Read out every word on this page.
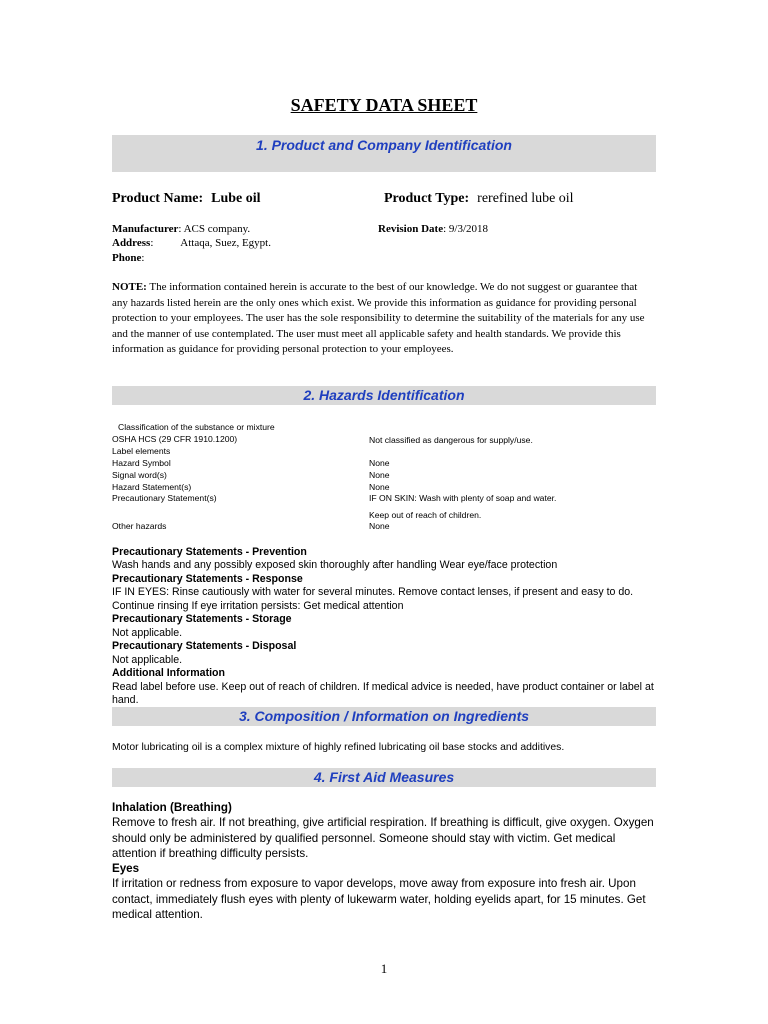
SAFETY DATA SHEET
1. Product and Company Identification
Product Name: Lube oil	Product Type: rerefined lube oil
Manufacturer: ACS company.	Revision Date: 9/3/2018
Address:          Attaqa, Suez, Egypt.
Phone:
NOTE: The information contained herein is accurate to the best of our knowledge. We do not suggest or guarantee that any hazards listed herein are the only ones which exist. We provide this information as guidance for providing personal protection to your employees. The user has the sole responsibility to determine the suitability of the materials for any use and the manner of use contemplated. The user must meet all applicable safety and health standards. We provide this information as guidance for providing personal protection to your employees.
2. Hazards Identification
Classification of the substance or mixture
OSHA HCS (29 CFR 1910.1200)	Not classified as dangerous for supply/use.
Label elements
Hazard Symbol	None
Signal word(s)	None
Hazard Statement(s)	None
Precautionary Statement(s)	IF ON SKIN: Wash with plenty of soap and water.
Keep out of reach of children.
Other hazards	None
Precautionary Statements - Prevention
Wash hands and any possibly exposed skin thoroughly after handling Wear eye/face protection
Precautionary Statements - Response
IF IN EYES: Rinse cautiously with water for several minutes. Remove contact lenses, if present and easy to do. Continue rinsing If eye irritation persists: Get medical attention
Precautionary Statements - Storage
Not applicable.
Precautionary Statements - Disposal
Not applicable.
Additional Information
Read label before use. Keep out of reach of children. If medical advice is needed, have product container or label at hand.
3. Composition / Information on Ingredients
Motor lubricating oil is a complex mixture of highly refined lubricating oil base stocks and additives.
4. First Aid Measures
Inhalation (Breathing)
Remove to fresh air. If not breathing, give artificial respiration. If breathing is difficult, give oxygen. Oxygen should only be administered by qualified personnel. Someone should stay with victim. Get medical attention if breathing difficulty persists.
Eyes
If irritation or redness from exposure to vapor develops, move away from exposure into fresh air. Upon contact, immediately flush eyes with plenty of lukewarm water, holding eyelids apart, for 15 minutes. Get medical attention.
1
